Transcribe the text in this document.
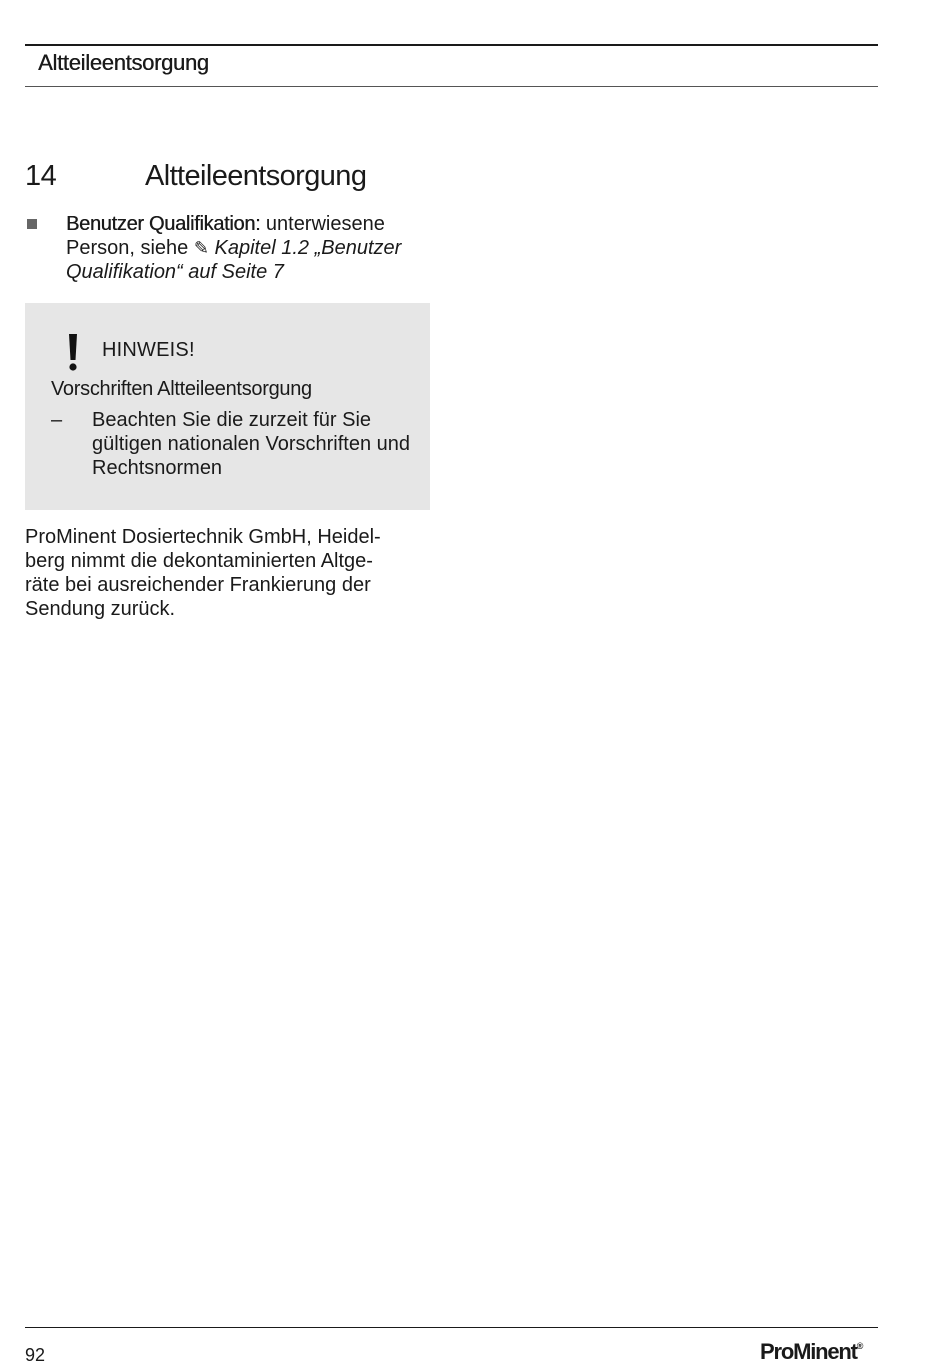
Altteileentsorgung
14	Altteileentsorgung
Benutzer Qualifikation: unterwiesene Person, siehe ✎ Kapitel 1.2 „Benutzer Qualifikation“ auf Seite 7
HINWEIS!
Vorschriften Altteileentsorgung
– Beachten Sie die zurzeit für Sie gültigen nationalen Vorschriften und Rechtsnormen
ProMinent Dosiertechnik GmbH, Heidel-
berg nimmt die dekontaminierten Altge-
räte bei ausreichender Frankierung der
Sendung zurück.
92	ProMinent®
